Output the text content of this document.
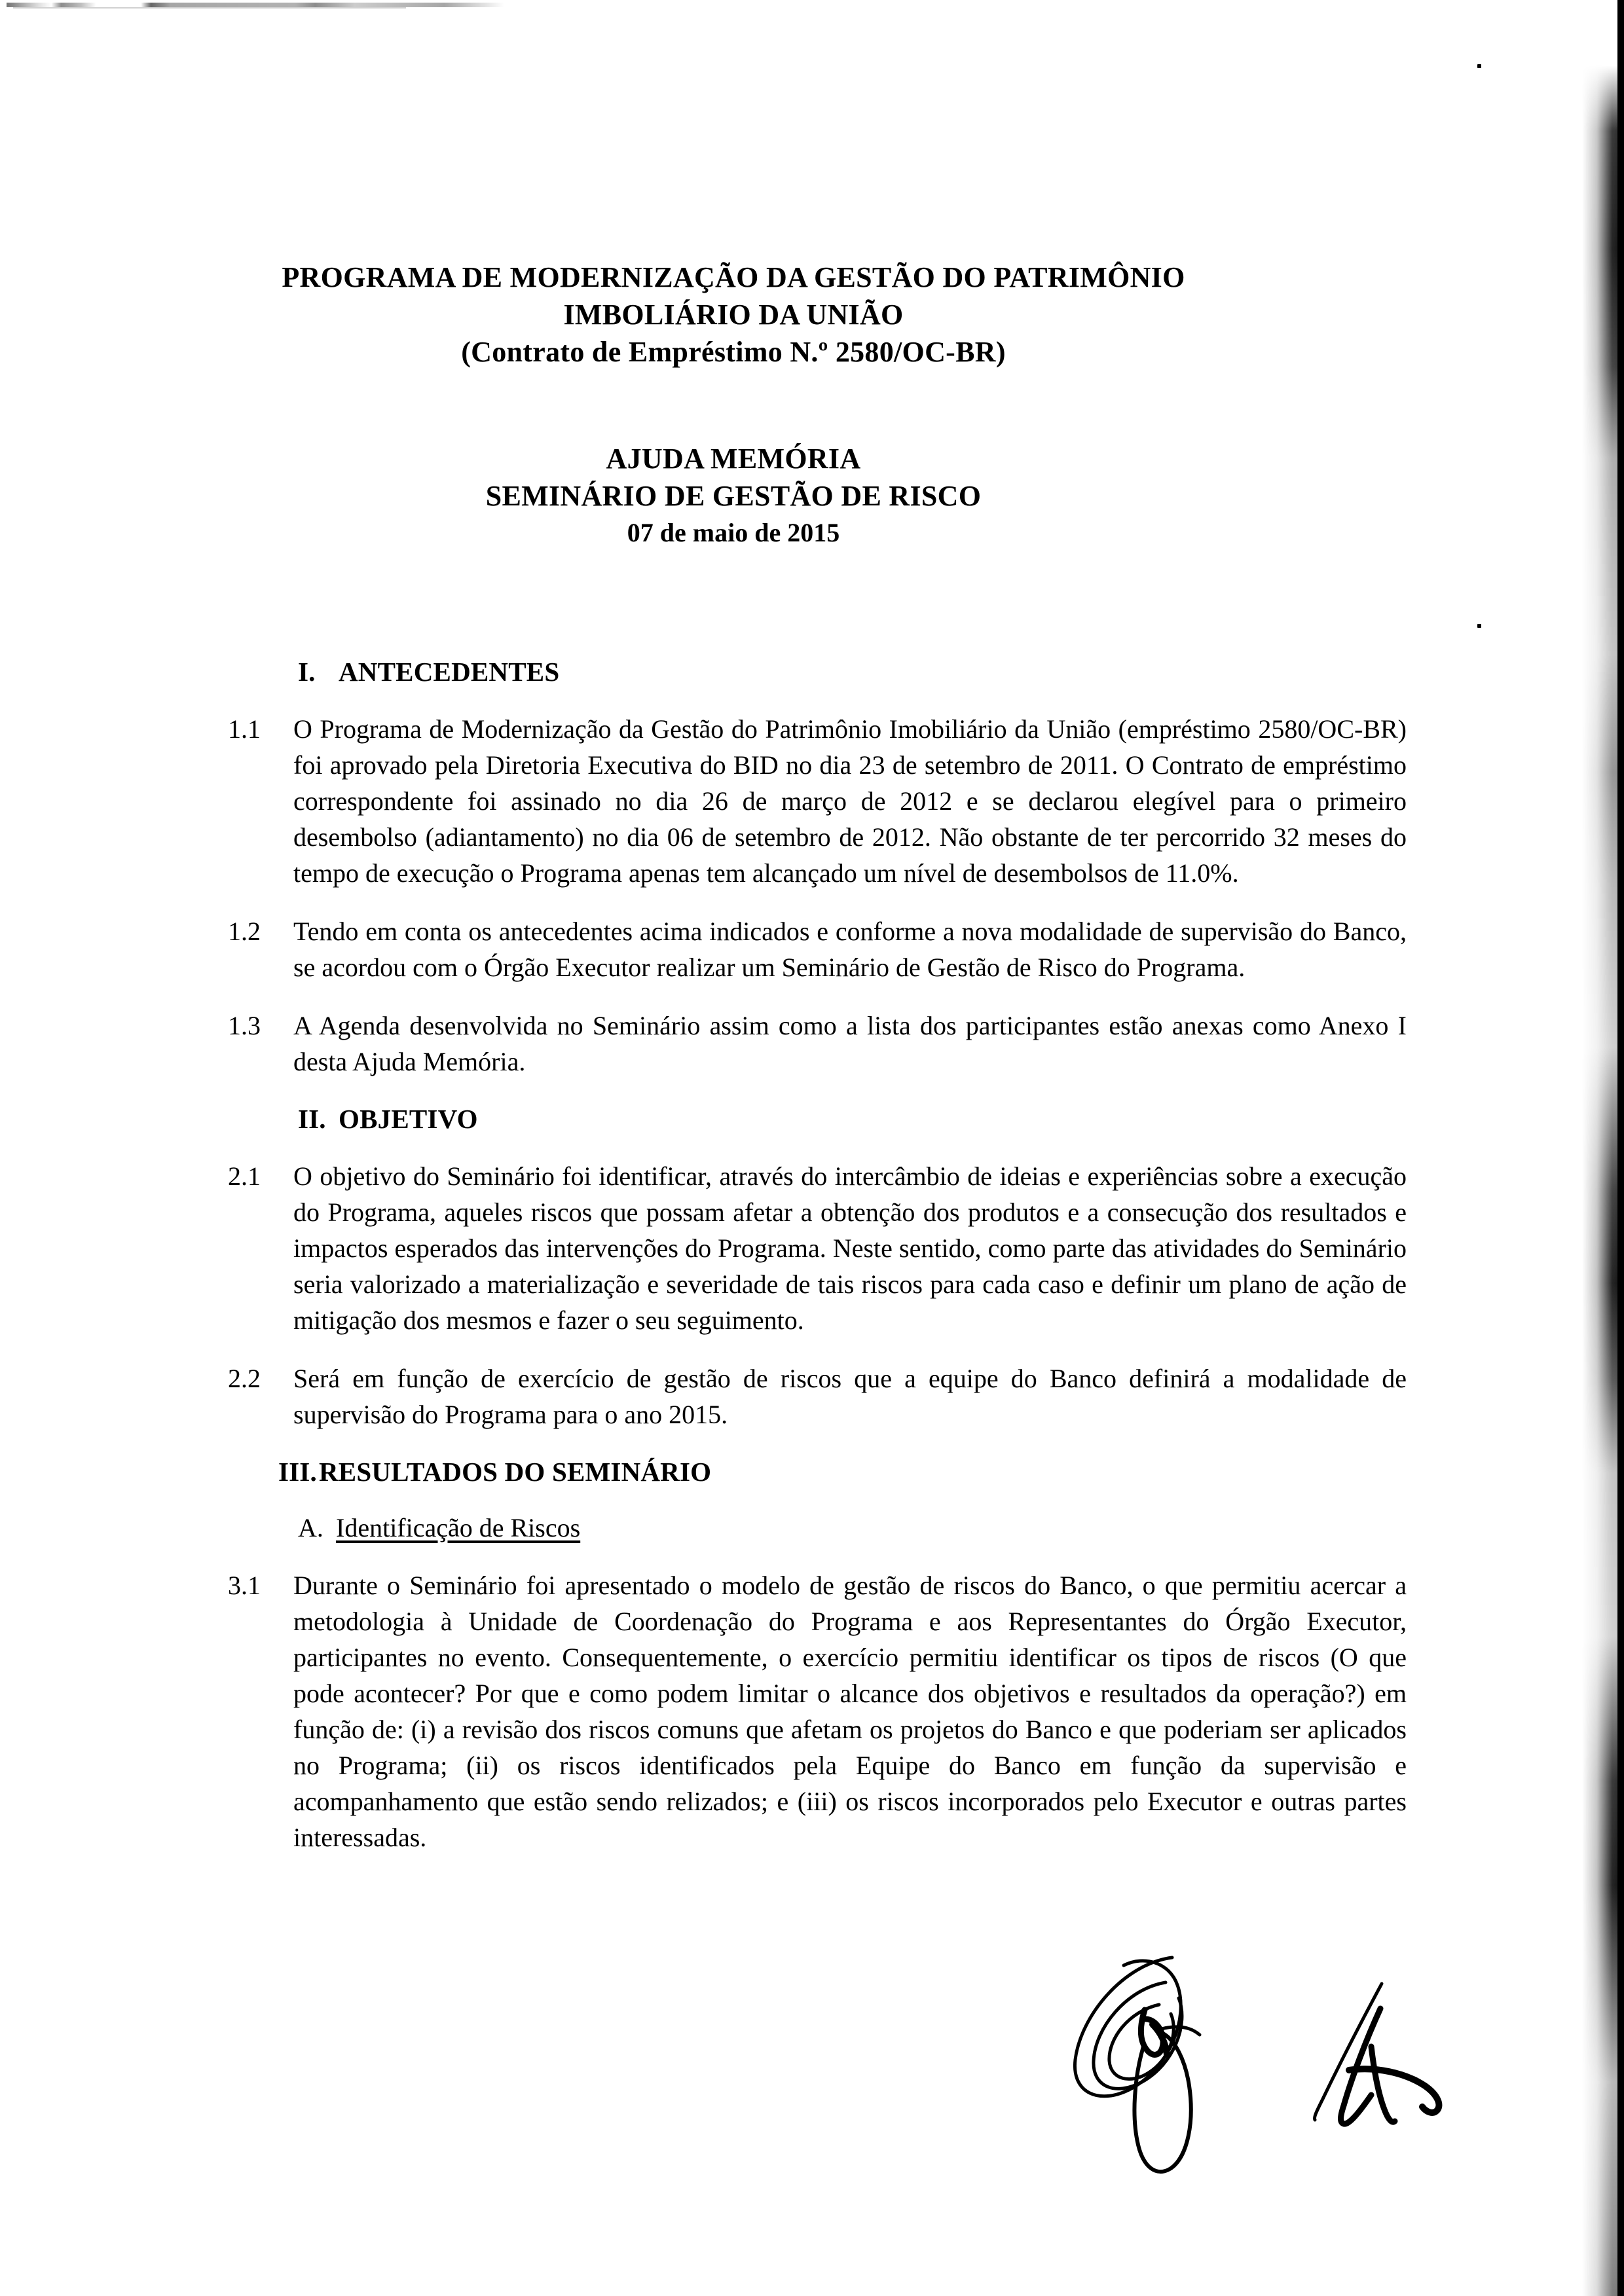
PROGRAMA DE MODERNIZAÇÃO DA GESTÃO DO PATRIMÔNIO
IMBOLIÁRIO DA UNIÃO
(Contrato de Empréstimo N.º 2580/OC-BR)
AJUDA MEMÓRIA
SEMINÁRIO DE GESTÃO DE RISCO
07 de maio de 2015
I. ANTECEDENTES
1.1	O Programa de Modernização da Gestão do Patrimônio Imobiliário da União (empréstimo 2580/OC-BR) foi aprovado pela Diretoria Executiva do BID no dia 23 de setembro de 2011. O Contrato de empréstimo correspondente foi assinado no dia 26 de março de 2012 e se declarou elegível para o primeiro desembolso (adiantamento) no dia 06 de setembro de 2012. Não obstante de ter percorrido 32 meses do tempo de execução o Programa apenas tem alcançado um nível de desembolsos de 11.0%.
1.2	Tendo em conta os antecedentes acima indicados e conforme a nova modalidade de supervisão do Banco, se acordou com o Órgão Executor realizar um Seminário de Gestão de Risco do Programa.
1.3	A Agenda desenvolvida no Seminário assim como a lista dos participantes estão anexas como Anexo I desta Ajuda Memória.
II. OBJETIVO
2.1	O objetivo do Seminário foi identificar, através do intercâmbio de ideias e experiências sobre a execução do Programa, aqueles riscos que possam afetar a obtenção dos produtos e a consecução dos resultados e impactos esperados das intervenções do Programa. Neste sentido, como parte das atividades do Seminário seria valorizado a materialização e severidade de tais riscos para cada caso e definir um plano de ação de mitigação dos mesmos e fazer o seu seguimento.
2.2	Será em função de exercício de gestão de riscos que a equipe do Banco definirá a modalidade de supervisão do Programa para o ano 2015.
III.RESULTADOS DO SEMINÁRIO
A. Identificação de Riscos
3.1	Durante o Seminário foi apresentado o modelo de gestão de riscos do Banco, o que permitiu acercar a metodologia à Unidade de Coordenação do Programa e aos Representantes do Órgão Executor, participantes no evento. Consequentemente, o exercício permitiu identificar os tipos de riscos (O que pode acontecer? Por que e como podem limitar o alcance dos objetivos e resultados da operação?) em função de: (i) a revisão dos riscos comuns que afetam os projetos do Banco e que poderiam ser aplicados no Programa; (ii) os riscos identificados pela Equipe do Banco em função da supervisão e acompanhamento que estão sendo relizados; e (iii) os riscos incorporados pelo Executor e outras partes interessadas.
